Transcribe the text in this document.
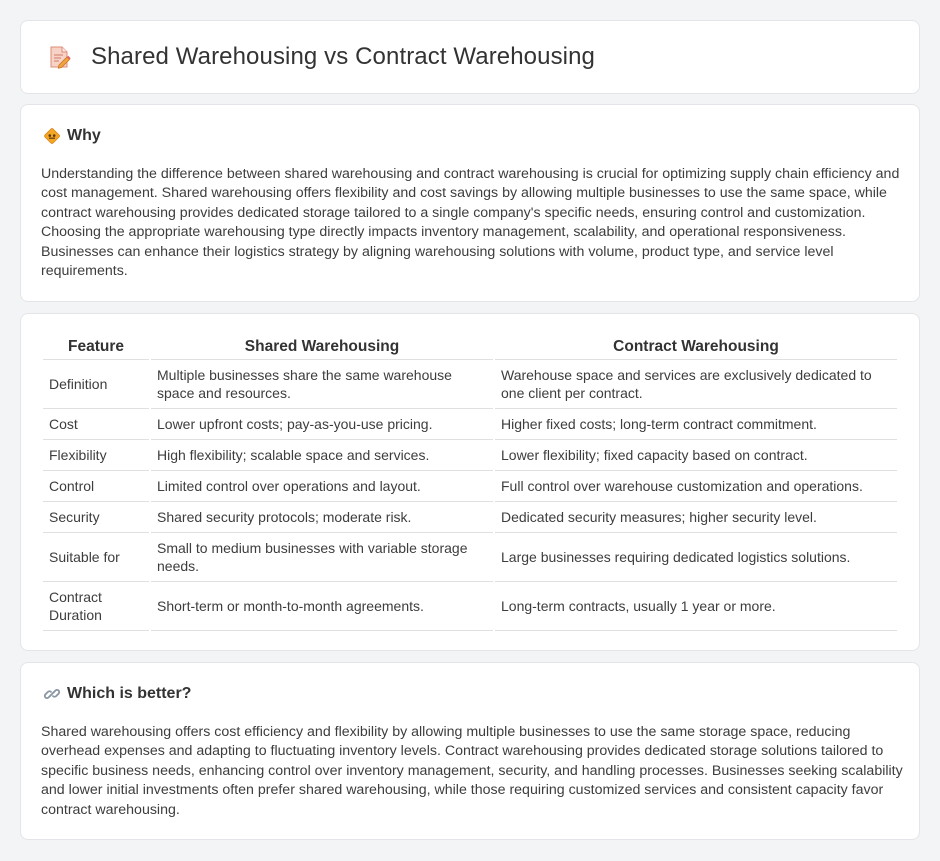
Shared Warehousing vs Contract Warehousing
Why

Understanding the difference between shared warehousing and contract warehousing is crucial for optimizing supply chain efficiency and cost management. Shared warehousing offers flexibility and cost savings by allowing multiple businesses to use the same space, while contract warehousing provides dedicated storage tailored to a single company's specific needs, ensuring control and customization. Choosing the appropriate warehousing type directly impacts inventory management, scalability, and operational responsiveness. Businesses can enhance their logistics strategy by aligning warehousing solutions with volume, product type, and service level requirements.

Feature	Shared Warehousing	Contract Warehousing
Definition	Multiple businesses share the same warehouse space and resources.	Warehouse space and services are exclusively dedicated to one client per contract.
Cost	Lower upfront costs; pay-as-you-use pricing.	Higher fixed costs; long-term contract commitment.
Flexibility	High flexibility; scalable space and services.	Lower flexibility; fixed capacity based on contract.
Control	Limited control over operations and layout.	Full control over warehouse customization and operations.
Security	Shared security protocols; moderate risk.	Dedicated security measures; higher security level.
Suitable for	Small to medium businesses with variable storage needs.	Large businesses requiring dedicated logistics solutions.
Contract Duration	Short-term or month-to-month agreements.	Long-term contracts, usually 1 year or more.
Which is better?

Shared warehousing offers cost efficiency and flexibility by allowing multiple businesses to use the same storage space, reducing overhead expenses and adapting to fluctuating inventory levels. Contract warehousing provides dedicated storage solutions tailored to specific business needs, enhancing control over inventory management, security, and handling processes. Businesses seeking scalability and lower initial investments often prefer shared warehousing, while those requiring customized services and consistent capacity favor contract warehousing.
